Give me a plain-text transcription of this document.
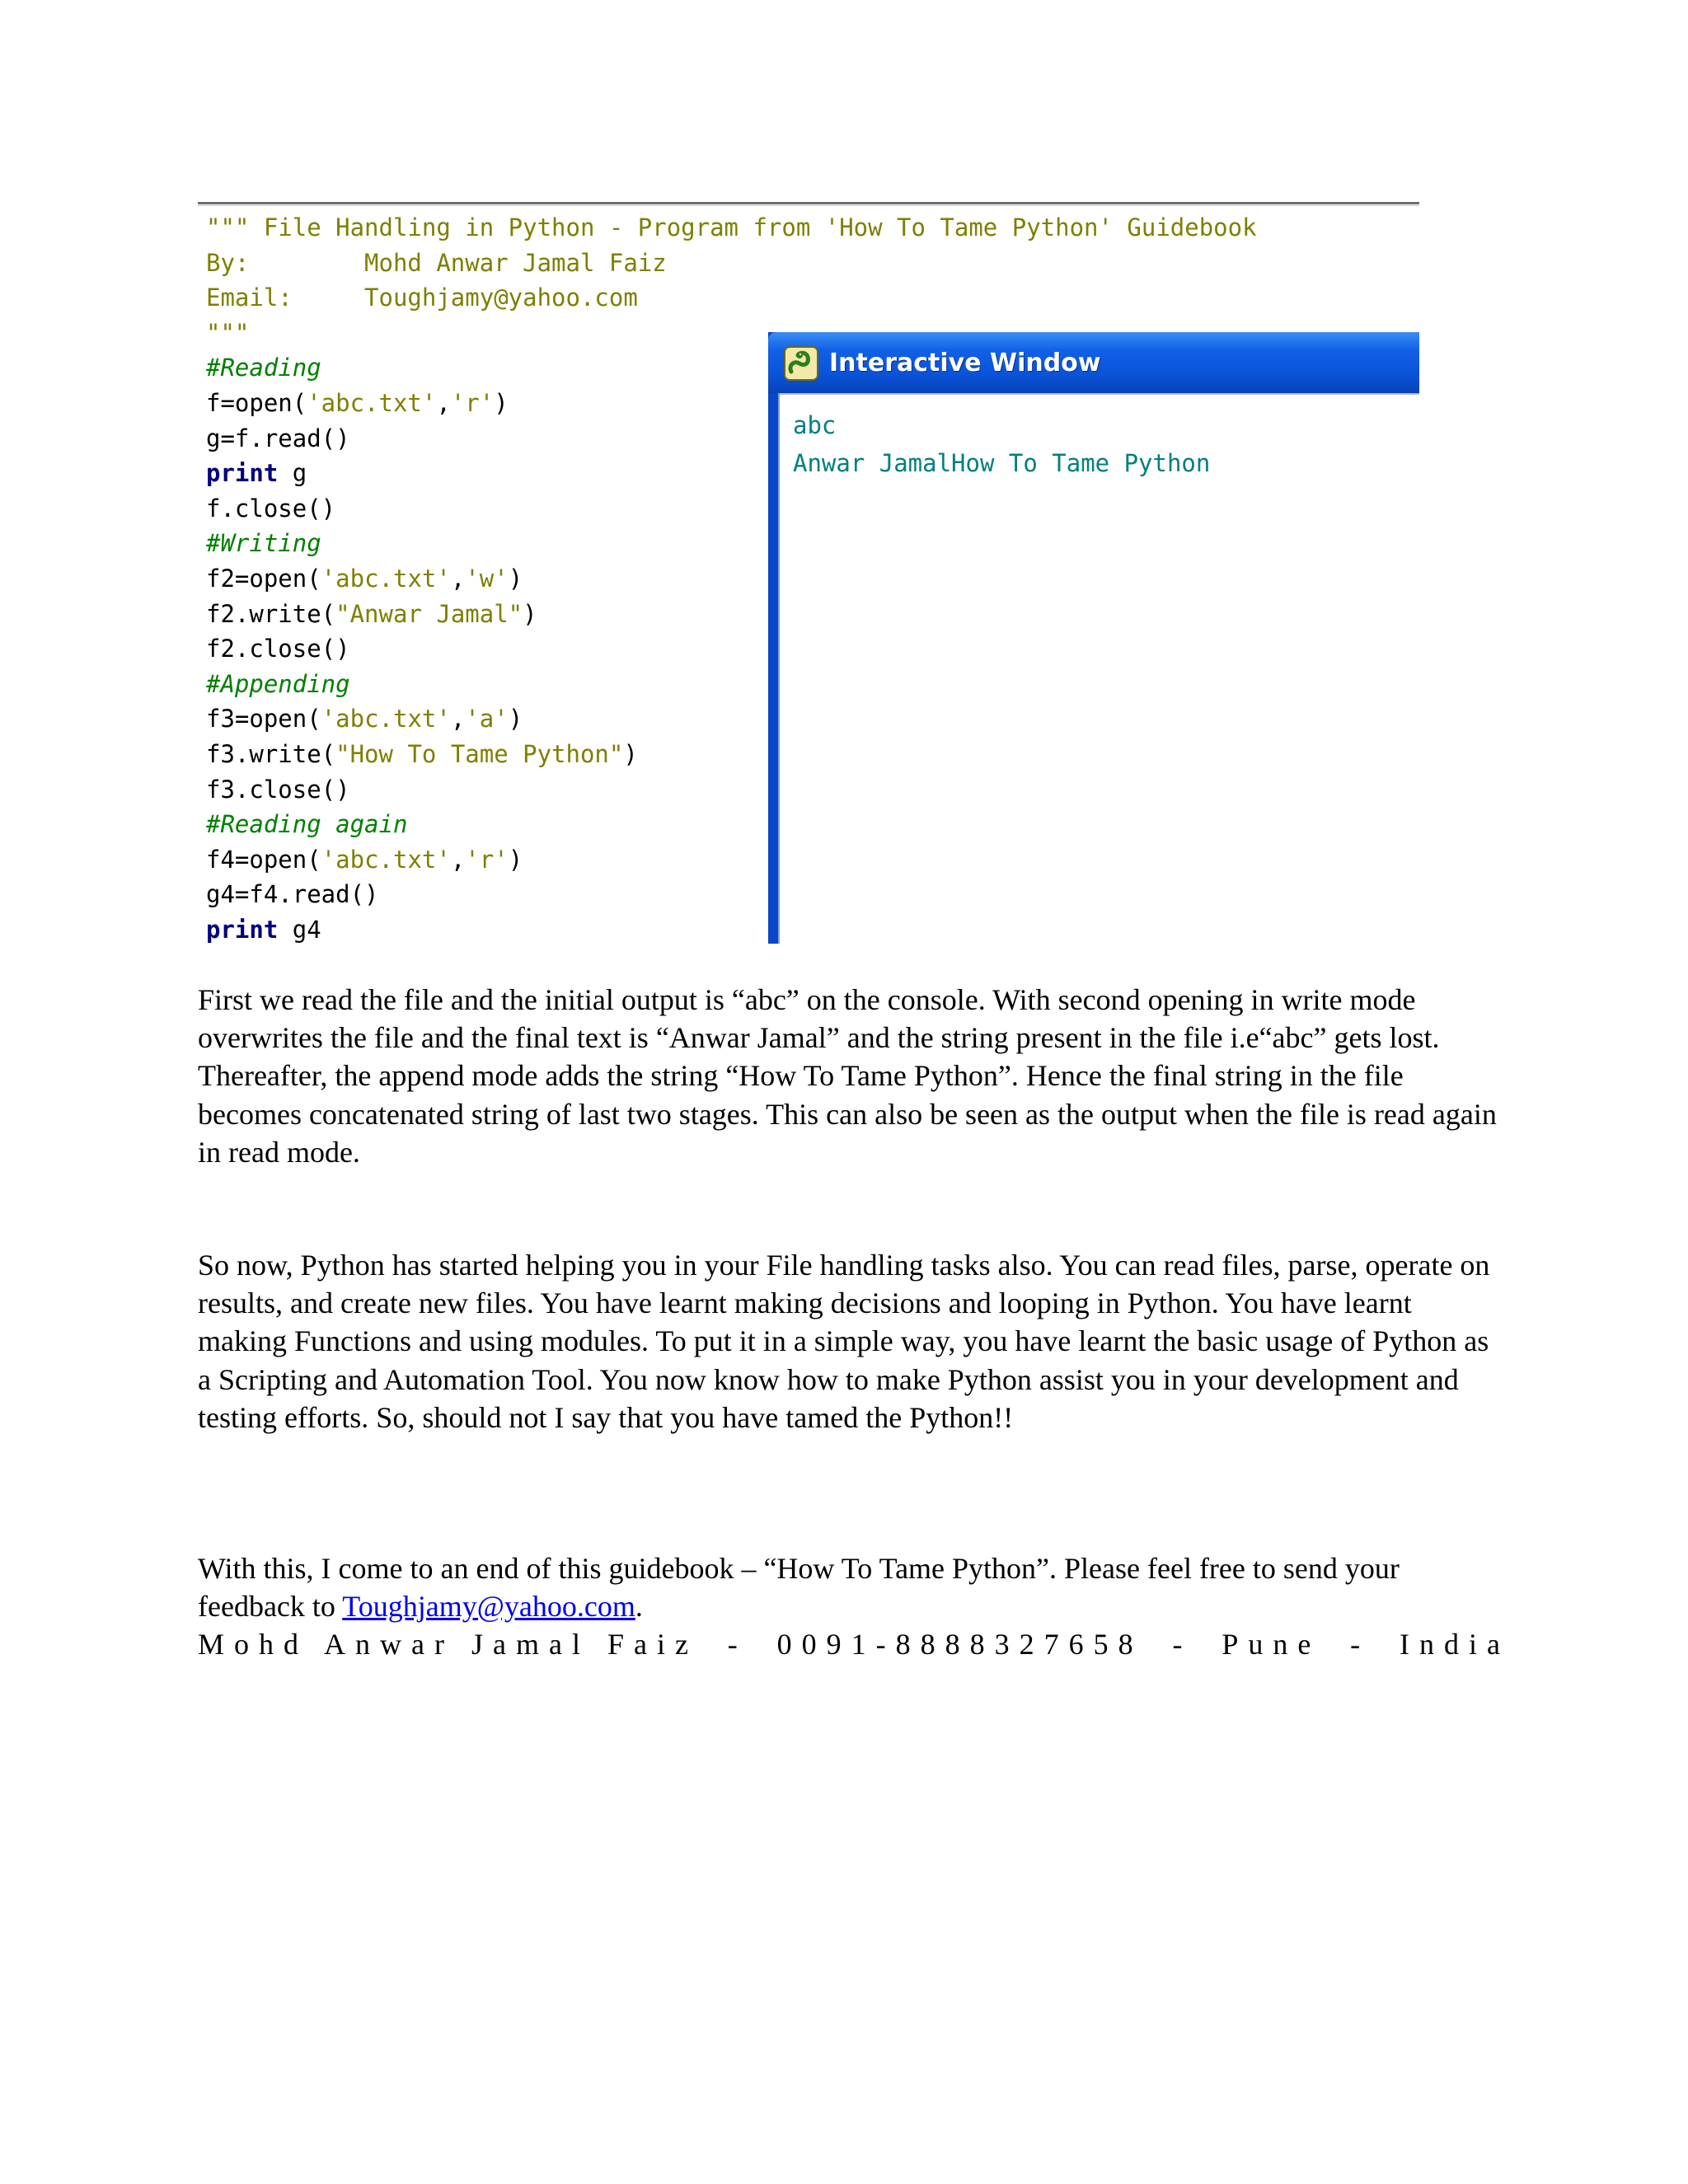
""" File Handling in Python - Program from 'How To Tame Python' Guidebook
By:        Mohd Anwar Jamal Faiz
Email:     Toughjamy@yahoo.com
"""
#Reading
f=open('abc.txt','r')
g=f.read()
print g
f.close()
#Writing
f2=open('abc.txt','w')
f2.write("Anwar Jamal")
f2.close()
#Appending
f3=open('abc.txt','a')
f3.write("How To Tame Python")
f3.close()
#Reading again
f4=open('abc.txt','r')
g4=f4.read()
print g4
Interactive Window
abc
Anwar JamalHow To Tame Python

First we read the file and the initial output is “abc” on the console. With second opening in write mode overwrites the file and the final text is “Anwar Jamal” and the string present in the file i.e“abc” gets lost. Thereafter, the append mode adds the string “How To Tame Python”. Hence the final string in the file becomes concatenated string of last two stages. This can also be seen as the output when the file is read again in read mode.

So now, Python has started helping you in your File handling tasks also. You can read files, parse, operate on results, and create new files. You have learnt making decisions and looping in Python. You have learnt making Functions and using modules. To put it in a simple way, you have learnt the basic usage of Python as a Scripting and Automation Tool. You now know how to make Python assist you in your development and testing efforts. So, should not I say that you have tamed the Python!!

With this, I come to an end of this guidebook – “How To Tame Python”. Please feel free to send your feedback to Toughjamy@yahoo.com.

Mohd Anwar Jamal Faiz - 0091-8888327658 - Pune - India
